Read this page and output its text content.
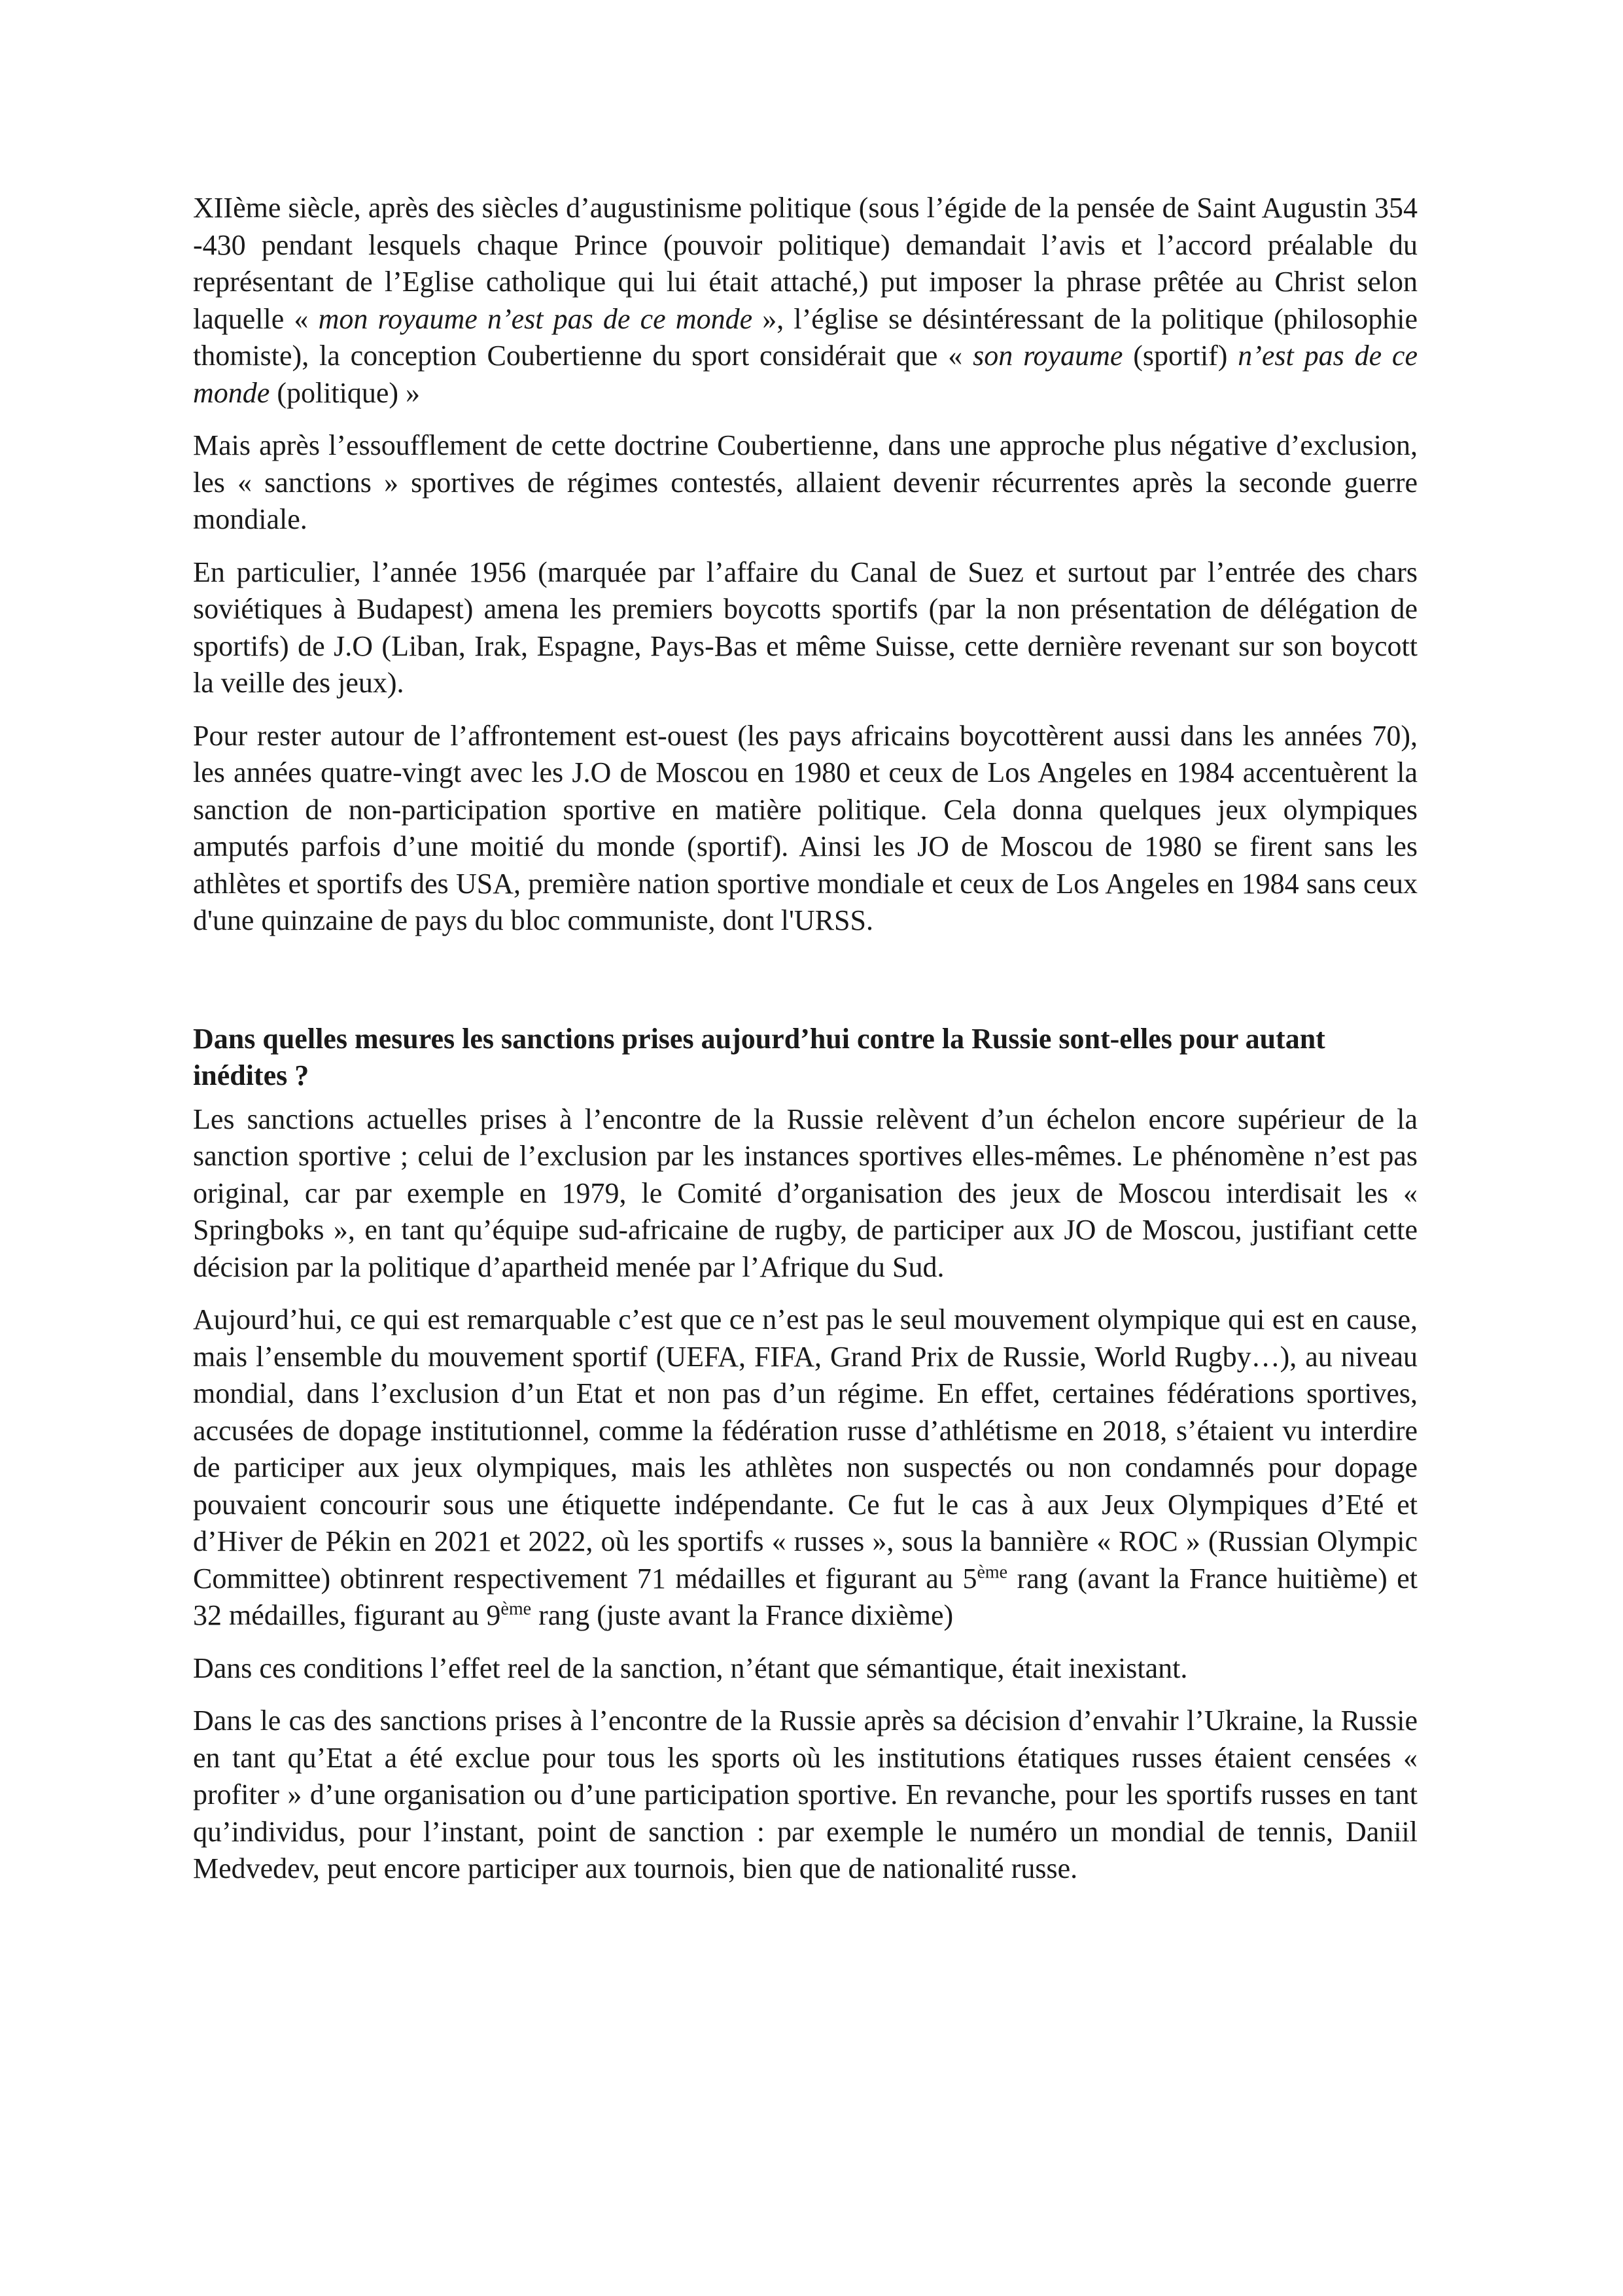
XIIème siècle, après des siècles d’augustinisme politique (sous l’égide de la pensée de Saint Augustin 354 -430 pendant lesquels chaque Prince (pouvoir politique) demandait l’avis et l’accord préalable du représentant de l’Eglise catholique qui lui était attaché,) put imposer la phrase prêtée au Christ selon laquelle « mon royaume n’est pas de ce monde », l’église se désintéressant de la politique (philosophie thomiste), la conception Coubertienne du sport considérait que « son royaume (sportif) n’est pas de ce monde (politique) »

Mais après l’essoufflement de cette doctrine Coubertienne, dans une approche plus négative d’exclusion, les « sanctions » sportives de régimes contestés, allaient devenir récurrentes après la seconde guerre mondiale.

En particulier, l’année 1956 (marquée par l’affaire du Canal de Suez et surtout par l’entrée des chars soviétiques à Budapest) amena les premiers boycotts sportifs (par la non présentation de délégation de sportifs) de J.O (Liban, Irak, Espagne, Pays-Bas et même Suisse, cette dernière revenant sur son boycott la veille des jeux).

Pour rester autour de l’affrontement est-ouest (les pays africains boycottèrent aussi dans les années 70), les années quatre-vingt avec les J.O de Moscou en 1980 et ceux de Los Angeles en 1984 accentuèrent la sanction de non-participation sportive en matière politique. Cela donna quelques jeux olympiques amputés parfois d’une moitié du monde (sportif). Ainsi les JO de Moscou de 1980 se firent sans les athlètes et sportifs des USA, première nation sportive mondiale et ceux de Los Angeles en 1984 sans ceux d'une quinzaine de pays du bloc communiste, dont l'URSS.

Dans quelles mesures les sanctions prises aujourd’hui contre la Russie sont-elles pour autant inédites ?

Les sanctions actuelles prises à l’encontre de la Russie relèvent d’un échelon encore supérieur de la sanction sportive ; celui de l’exclusion par les instances sportives elles-mêmes. Le phénomène n’est pas original, car par exemple en 1979, le Comité d’organisation des jeux de Moscou interdisait les « Springboks », en tant qu’équipe sud-africaine de rugby, de participer aux JO de Moscou, justifiant cette décision par la politique d’apartheid menée par l’Afrique du Sud.

Aujourd’hui, ce qui est remarquable c’est que ce n’est pas le seul mouvement olympique qui est en cause, mais l’ensemble du mouvement sportif (UEFA, FIFA, Grand Prix de Russie, World Rugby…), au niveau mondial, dans l’exclusion d’un Etat et non pas d’un régime. En effet, certaines fédérations sportives, accusées de dopage institutionnel, comme la fédération russe d’athlétisme en 2018, s’étaient vu interdire de participer aux jeux olympiques, mais les athlètes non suspectés ou non condamnés pour dopage pouvaient concourir sous une étiquette indépendante. Ce fut le cas à aux Jeux Olympiques d’Eté et d’Hiver de Pékin en 2021 et 2022, où les sportifs « russes », sous la bannière « ROC » (Russian Olympic Committee) obtinrent respectivement 71 médailles et figurant au 5ème rang (avant la France huitième) et 32 médailles, figurant au 9ème rang (juste avant la France dixième)

Dans ces conditions l’effet reel de la sanction, n’étant que sémantique, était inexistant.

Dans le cas des sanctions prises à l’encontre de la Russie après sa décision d’envahir l’Ukraine, la Russie en tant qu’Etat a été exclue pour tous les sports où les institutions étatiques russes étaient censées « profiter » d’une organisation ou d’une participation sportive. En revanche, pour les sportifs russes en tant qu’individus, pour l’instant, point de sanction : par exemple le numéro un mondial de tennis, Daniil Medvedev, peut encore participer aux tournois, bien que de nationalité russe.
